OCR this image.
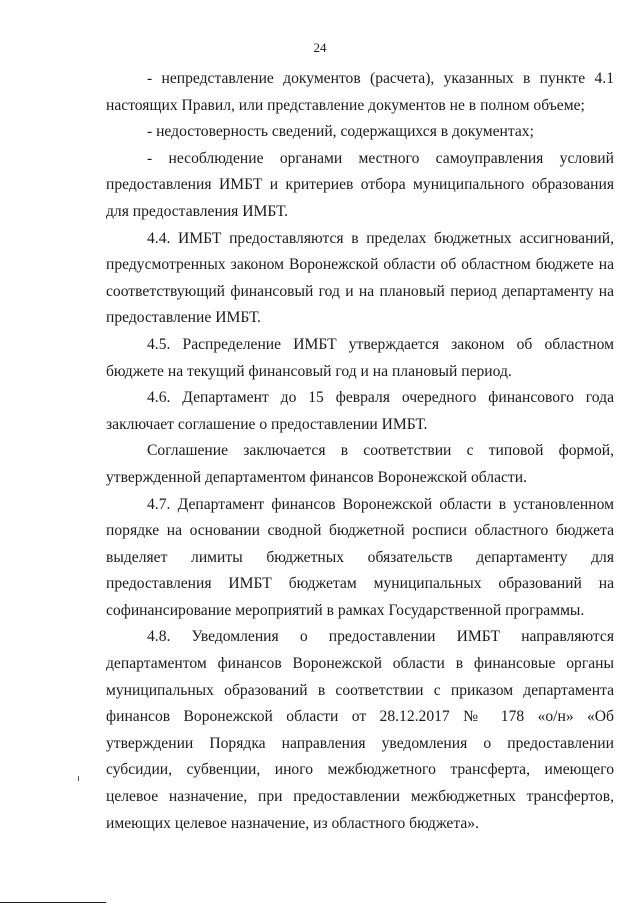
24

- непредставление документов (расчета), указанных в пункте 4.1 настоящих Правил, или представление документов не в полном объеме;

- недостоверность сведений, содержащихся в документах;

- несоблюдение органами местного самоуправления условий предоставления ИМБТ и критериев отбора муниципального образования для предоставления ИМБТ.

4.4. ИМБТ предоставляются в пределах бюджетных ассигнований, предусмотренных законом Воронежской области об областном бюджете на соответствующий финансовый год и на плановый период департаменту на предоставление ИМБТ.

4.5. Распределение ИМБТ утверждается законом об областном бюджете на текущий финансовый год и на плановый период.

4.6. Департамент до 15 февраля очередного финансового года заключает соглашение о предоставлении ИМБТ.

Соглашение заключается в соответствии с типовой формой, утвержденной департаментом финансов Воронежской области.

4.7. Департамент финансов Воронежской области в установленном порядке на основании сводной бюджетной росписи областного бюджета выделяет лимиты бюджетных обязательств департаменту для предоставления ИМБТ бюджетам муниципальных образований на софинансирование мероприятий в рамках Государственной программы.

4.8. Уведомления о предоставлении ИМБТ направляются департаментом финансов Воронежской области в финансовые органы муниципальных образований в соответствии с приказом департамента финансов Воронежской области от 28.12.2017 № 178 «о/н» «Об утверждении Порядка направления уведомления о предоставлении субсидии, субвенции, иного межбюджетного трансферта, имеющего целевое назначение, при предоставлении межбюджетных трансфертов, имеющих целевое назначение, из областного бюджета».
